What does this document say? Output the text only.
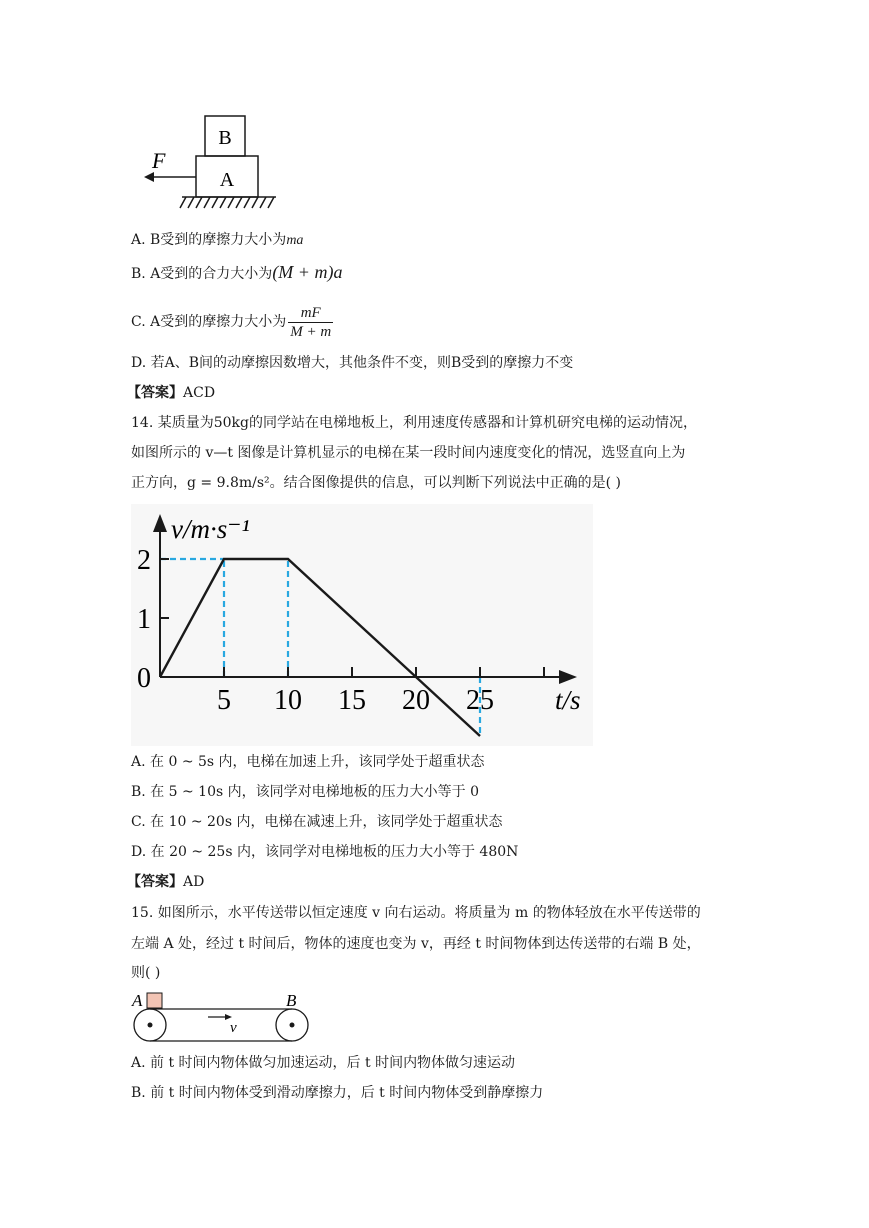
B
A
F
A. B受到的摩擦力大小为ma
B. A受到的合力大小为(M + m)a
C. A受到的摩擦力大小为 $\frac{mF}{M + m}$
D. 若A、B间的动摩擦因数增大，其他条件不变，则B受到的摩擦力不变
【答案】ACD
14. 某质量为50kg的同学站在电梯地板上，利用速度传感器和计算机研究电梯的运动情况，
如图所示的 v—t 图像是计算机显示的电梯在某一段时间内速度变化的情况，选竖直向上为
正方向，g = 9.8m/s²。结合图像提供的信息，可以判断下列说法中正确的是( )
v/m·s⁻¹
t/s
5 10 15 20 25
1
2
0
A. 在 0 ~ 5s 内，电梯在加速上升，该同学处于超重状态
B. 在 5 ~ 10s 内，该同学对电梯地板的压力大小等于 0
C. 在 10 ~ 20s 内，电梯在减速上升，该同学处于超重状态
D. 在 20 ~ 25s 内，该同学对电梯地板的压力大小等于 480N
【答案】AD
15. 如图所示，水平传送带以恒定速度 v 向右运动。将质量为 m 的物体轻放在水平传送带的
左端 A 处，经过 t 时间后，物体的速度也变为 v，再经 t 时间物体到达传送带的右端 B 处，
则( )
A	B
v
A. 前 t 时间内物体做匀加速运动，后 t 时间内物体做匀速运动
B. 前 t 时间内物体受到滑动摩擦力，后 t 时间内物体受到静摩擦力
